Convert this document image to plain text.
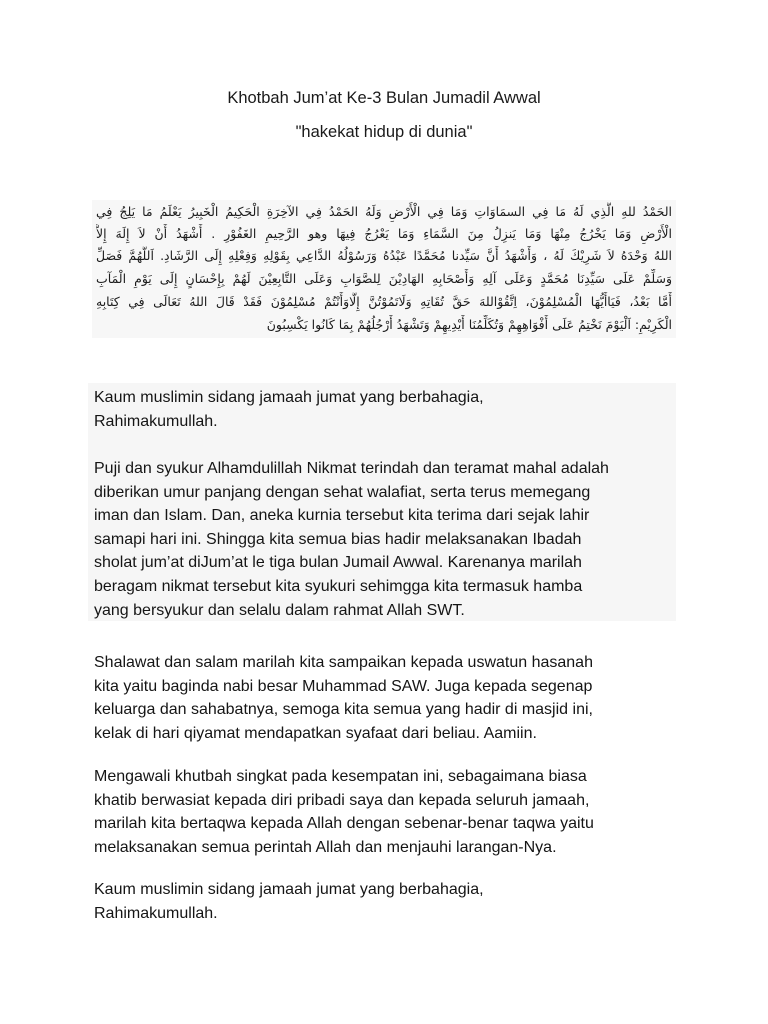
Khotbah Jum’at Ke-3 Bulan Jumadil Awwal
"hakekat hidup di dunia"
الحَمْدُ للهِ الَّذِي لَهُ مَا فِي السمَاوَاتِ وَمَا فِي الْأَرْضِ وَلَهُ الحَمْدُ فِي الآخِرَةِ الْحَكِيمُ الْخَبِيرُ يَعْلَمُ مَا يَلِجُ فِي
الْأَرْضِ وَمَا يَخْرُجُ مِنْهَا وَمَا يَنزِلُ مِنَ السَّمَاءِ وَمَا يَعْرُجُ فِيهَا وهو الرَّحِيمِ الغَفُوْرِ . أَشْهَدُ أَنْ لاَ إِلَهَ إِلاَّ
اللهُ وَحْدَهُ لاَ شَرِيْكَ لَهُ ، وَأَشْهَدُ أَنَّ سَيِّدنا مُحَمَّدًا عَبْدُهُ وَرَسُوْلُهُ الدَّاعِي بِقَوْلِهِ وَفِعْلِهِ إِلَى الرَّشَادِ. اَللَّهُمَّ فَصَلِّ
وَسَلِّمْ عَلَى سَيِّدِنَا مُحَمَّدٍ وَعَلَى آلِهِ وَأَصْحَابِهِ الهَادِيْنَ لِلصَّوَابِ وَعَلَى التَّابِعِيْنَ لَهُمْ بِإِحْسَانٍ إِلَى يَوْمِ الْمَآبِ
أَمَّا بَعْدُ، فَيَاأَيُّهَا الْمُسْلِمُوْنَ، اِتَّقُوْاللهَ حَقَّ تُقَاتِهِ وَلَاتَمُوْتُنَّ إِلَّاوَأَنْتُمْ مُسْلِمُوْنَ فَقَدْ قَالَ اللهُ تَعَالَى فِي كِتَابِهِ
الْكَرِيْمِ: اَلْيَوْمَ نَخْتِمُ عَلَى أَفْوَاهِهِمْ وَتُكَلِّمُنَا أَيْدِيهِمْ وَتَشْهَدُ أَرْجُلُهُمْ بِمَا كَانُوا يَكْسِبُونَ

Kaum muslimin sidang jamaah jumat yang berbahagia,
Rahimakumullah.

Puji dan syukur Alhamdulillah Nikmat terindah dan teramat mahal adalah
diberikan umur panjang dengan sehat walafiat, serta terus memegang
iman dan Islam. Dan, aneka kurnia tersebut kita terima dari sejak lahir
samapi hari ini. Shingga kita semua bias hadir melaksanakan Ibadah
sholat jum’at diJum’at le tiga bulan Jumail Awwal. Karenanya marilah
beragam nikmat tersebut kita syukuri sehimgga kita termasuk hamba
yang bersyukur dan selalu dalam rahmat Allah SWT.

Shalawat dan salam marilah kita sampaikan kepada uswatun hasanah
kita yaitu baginda nabi besar Muhammad SAW. Juga kepada segenap
keluarga dan sahabatnya, semoga kita semua yang hadir di masjid ini,
kelak di hari qiyamat mendapatkan syafaat dari beliau. Aamiin.

Mengawali khutbah singkat pada kesempatan ini, sebagaimana biasa
khatib berwasiat kepada diri pribadi saya dan kepada seluruh jamaah,
marilah kita bertaqwa kepada Allah dengan sebenar-benar taqwa yaitu
melaksanakan semua perintah Allah dan menjauhi larangan-Nya.

Kaum muslimin sidang jamaah jumat yang berbahagia,
Rahimakumullah.
